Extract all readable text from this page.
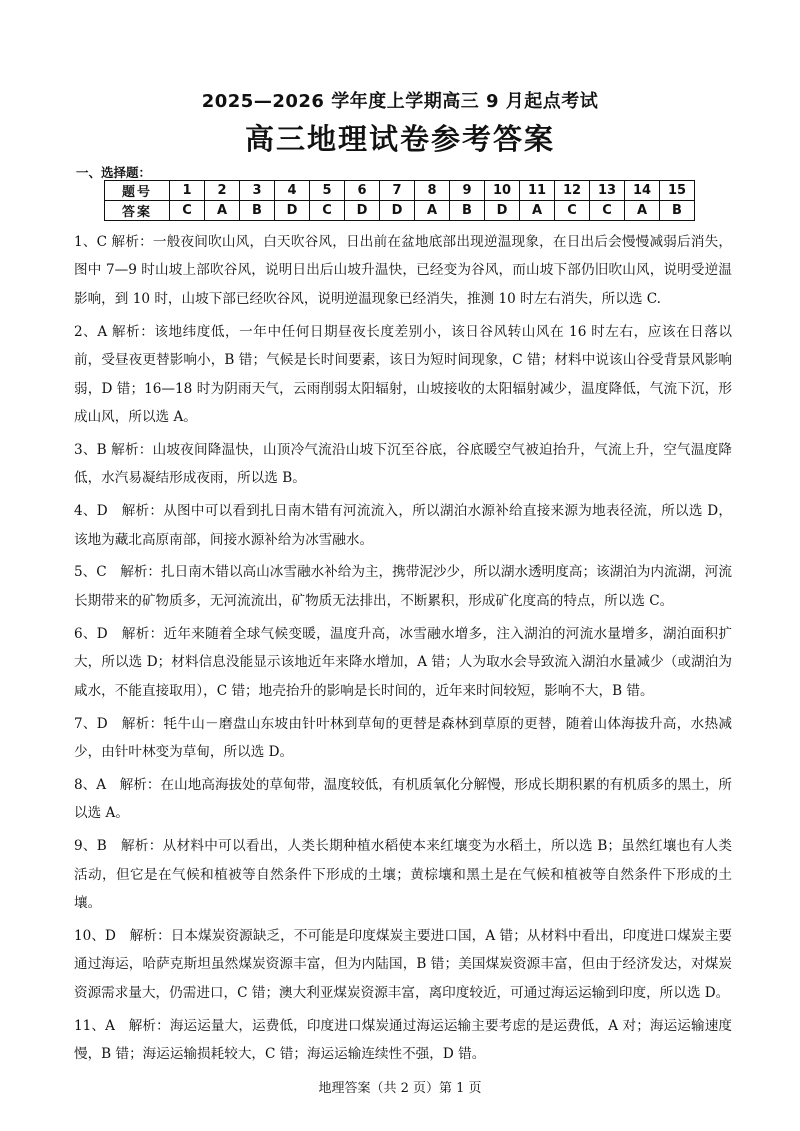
2025—2026 学年度上学期高三 9 月起点考试
高三地理试卷参考答案
一、选择题：
题号	1	2	3	4	5	6	7	8	9	10	11	12	13	14	15
答案	C	A	B	D	C	D	D	A	B	D	A	C	C	A	B

1、C 解析：一般夜间吹山风，白天吹谷风，日出前在盆地底部出现逆温现象，在日出后会慢慢减弱后消失，图中 7—9 时山坡上部吹谷风，说明日出后山坡升温快，已经变为谷风，而山坡下部仍旧吹山风，说明受逆温影响，到 10 时，山坡下部已经吹谷风，说明逆温现象已经消失，推测 10 时左右消失，所以选 C.

2、A 解析：该地纬度低，一年中任何日期昼夜长度差别小，该日谷风转山风在 16 时左右，应该在日落以前，受昼夜更替影响小，B 错；气候是长时间要素，该日为短时间现象，C 错；材料中说该山谷受背景风影响弱，D 错；16—18 时为阴雨天气，云雨削弱太阳辐射，山坡接收的太阳辐射减少，温度降低，气流下沉，形成山风，所以选 A。

3、B 解析：山坡夜间降温快，山顶冷气流沿山坡下沉至谷底，谷底暖空气被迫抬升，气流上升，空气温度降低，水汽易凝结形成夜雨，所以选 B。

4、D　解析：从图中可以看到扎日南木错有河流流入，所以湖泊水源补给直接来源为地表径流，所以选 D，该地为藏北高原南部，间接水源补给为冰雪融水。

5、C　解析：扎日南木错以高山冰雪融水补给为主，携带泥沙少，所以湖水透明度高；该湖泊为内流湖，河流长期带来的矿物质多，无河流流出，矿物质无法排出，不断累积，形成矿化度高的特点，所以选 C。

6、D　解析：近年来随着全球气候变暖，温度升高，冰雪融水增多，注入湖泊的河流水量增多，湖泊面积扩大，所以选 D；材料信息没能显示该地近年来降水增加，A 错；人为取水会导致流入湖泊水量减少（或湖泊为咸水，不能直接取用），C 错；地壳抬升的影响是长时间的，近年来时间较短，影响不大，B 错。

7、D　解析：牦牛山－磨盘山东坡由针叶林到草甸的更替是森林到草原的更替，随着山体海拔升高，水热减少，由针叶林变为草甸，所以选 D。

8、A　解析：在山地高海拔处的草甸带，温度较低，有机质氧化分解慢，形成长期积累的有机质多的黑土，所以选 A。

9、B　解析：从材料中可以看出，人类长期种植水稻使本来红壤变为水稻土，所以选 B；虽然红壤也有人类活动，但它是在气候和植被等自然条件下形成的土壤；黄棕壤和黑土是在气候和植被等自然条件下形成的土壤。

10、D　解析：日本煤炭资源缺乏，不可能是印度煤炭主要进口国，A 错；从材料中看出，印度进口煤炭主要通过海运，哈萨克斯坦虽然煤炭资源丰富，但为内陆国，B 错；美国煤炭资源丰富，但由于经济发达，对煤炭资源需求量大，仍需进口，C 错；澳大利亚煤炭资源丰富，离印度较近，可通过海运运输到印度，所以选 D。

11、A　解析：海运运量大，运费低，印度进口煤炭通过海运运输主要考虑的是运费低，A 对；海运运输速度慢，B 错；海运运输损耗较大，C 错；海运运输连续性不强，D 错。

地理答案（共 2 页）第 1 页
